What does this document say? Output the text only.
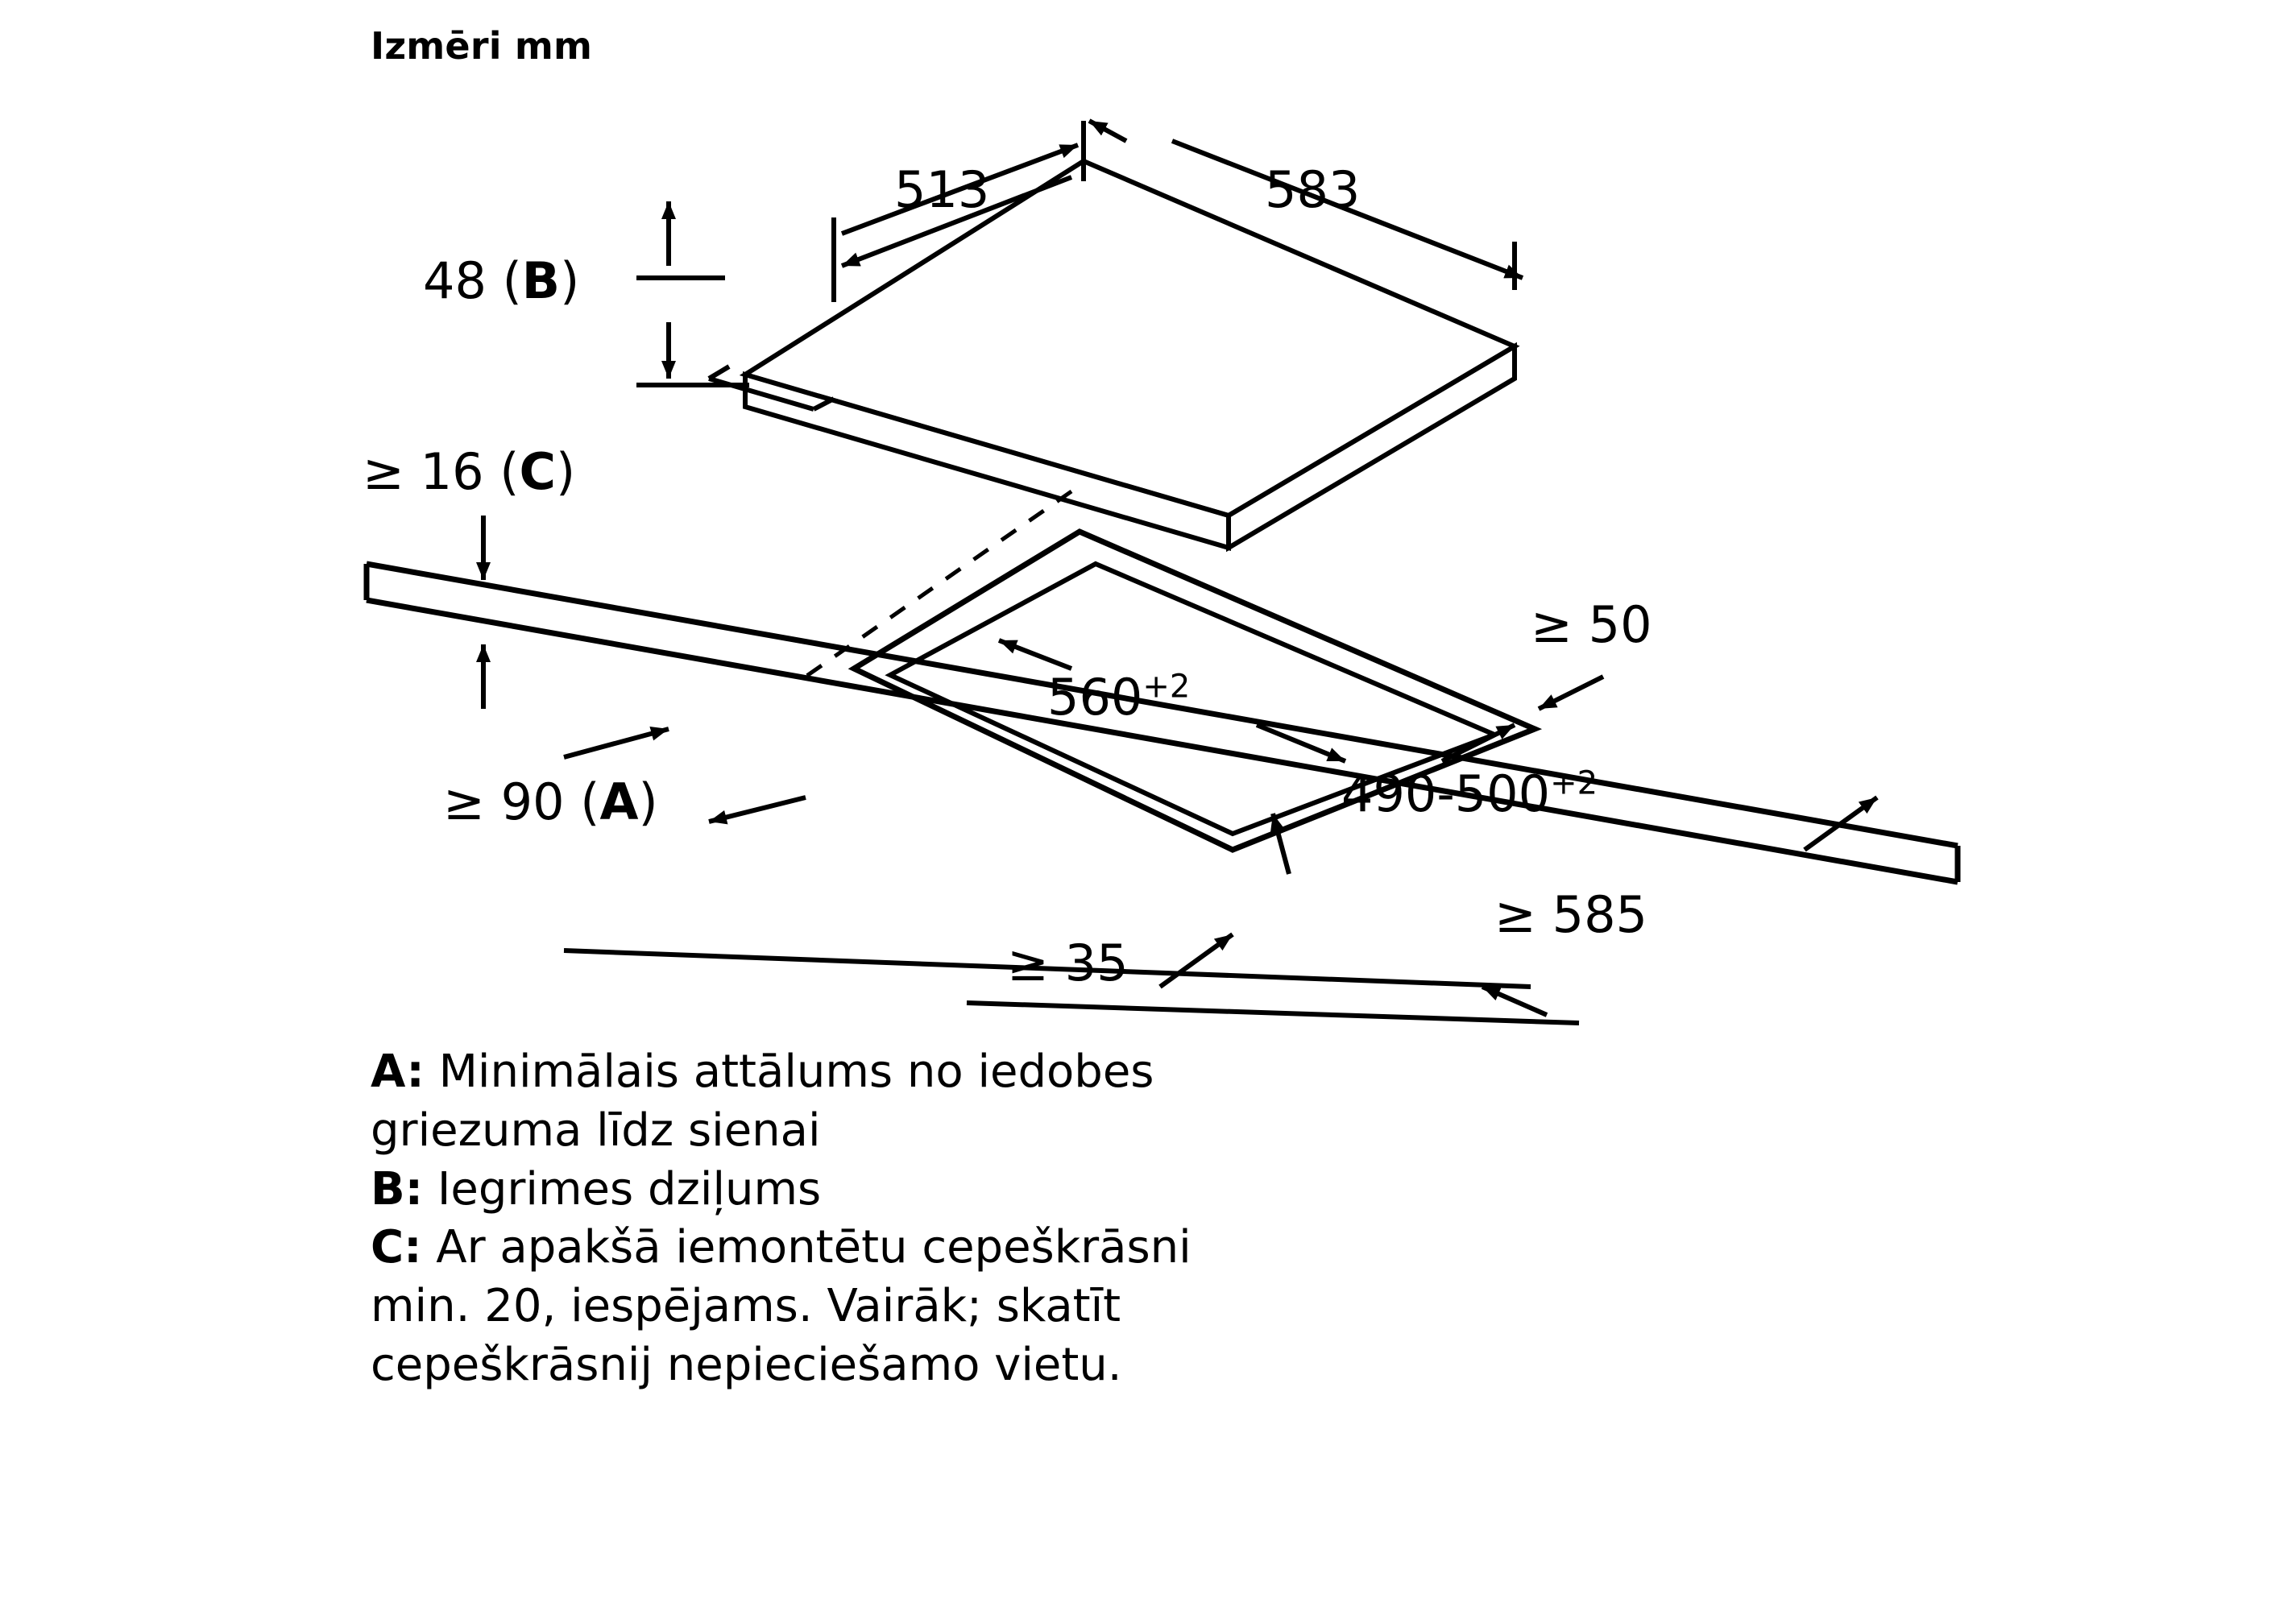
Izmēri mm
513	583
48 (B)
≥ 16 (C)
≥ 90 (A)
$560^{+2}$
$490-500^{+2}$
≥ 50
≥ 35
≥ 585

A: Minimālais attālums no iedobes

griezuma līdz sienai

B: Iegrimes dziļums

C: Ar apakšā iemontētu cepeškrāsni

min. 20, iespējams. Vairāk; skatīt

cepeškrāsnij nepieciešamo vietu.
